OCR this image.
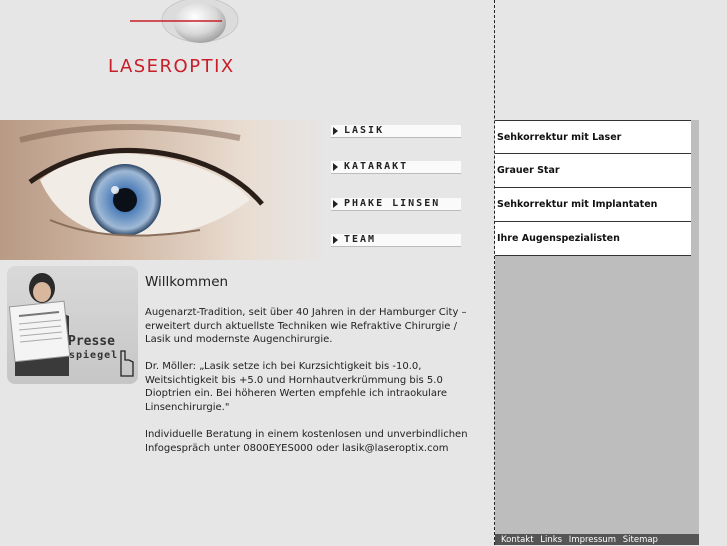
LASEROPTIX
LASIK
KATARAKT
PHAKE LINSEN
TEAM
Presse
spiegel
Willkommen
Augenarzt-Tradition, seit über 40 Jahren in der Hamburger City – erweitert durch aktuellste Techniken wie Refraktive Chirurgie / Lasik und modernste Augenchirurgie.
Dr. Möller: „Lasik setze ich bei Kurzsichtigkeit bis -10.0, Weitsichtigkeit bis +5.0 und Hornhautverkrümmung bis 5.0 Dioptrien ein. Bei höheren Werten empfehle ich intraokulare Linsenchirurgie."
Individuelle Beratung in einem kostenlosen und unverbindlichen Infogespräch unter 0800EYES000 oder lasik@laseroptix.com
Sehkorrektur mit Laser
Grauer Star
Sehkorrektur mit Implantaten
Ihre Augenspezialisten
Kontakt Links Impressum Sitemap
